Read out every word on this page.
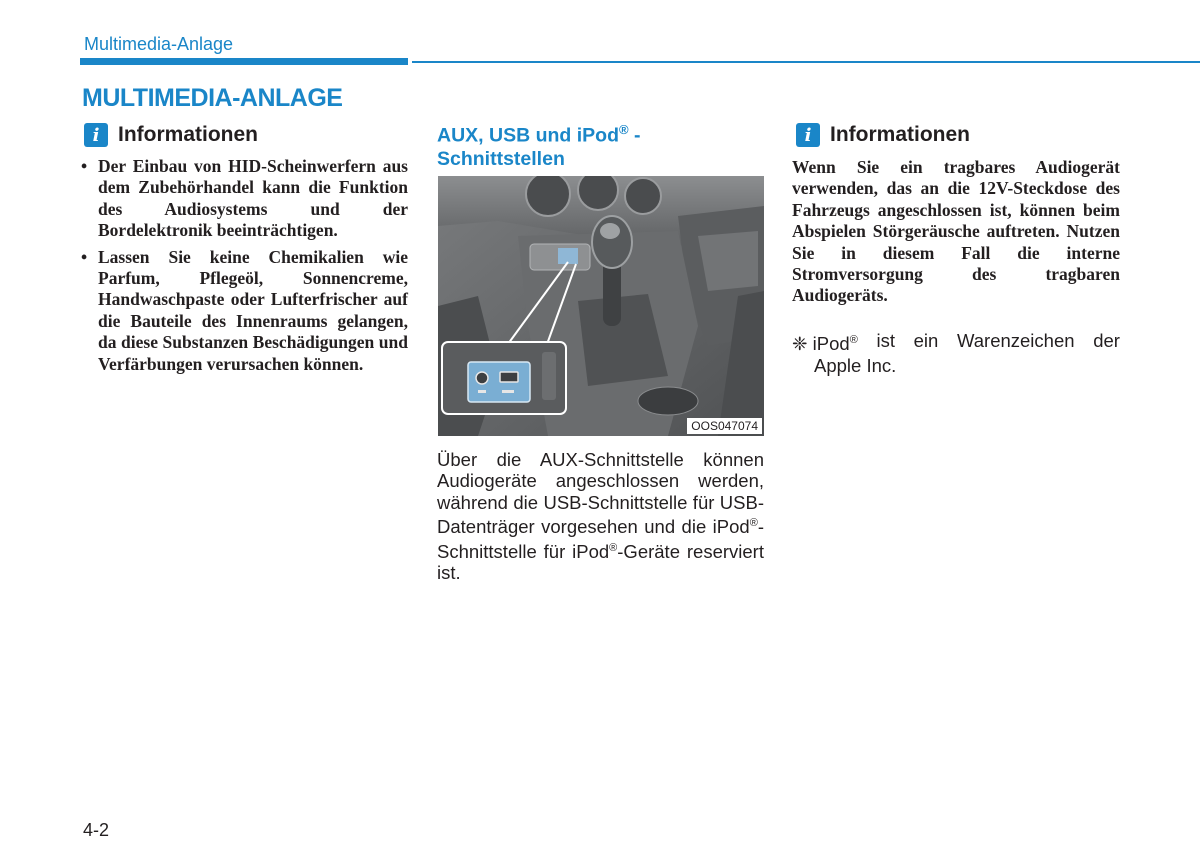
Multimedia-Anlage
MULTIMEDIA-ANLAGE
i Informationen
• Der Einbau von HID-Scheinwerfern aus dem Zubehörhandel kann die Funktion des Audiosystems und der Bordelektronik beeinträchtigen.
• Lassen Sie keine Chemikalien wie Parfum, Pflegeöl, Sonnencreme, Handwaschpaste oder Lufterfrischer auf die Bauteile des Innenraums gelangen, da diese Substanzen Beschädigungen und Verfärbungen verursachen können.
AUX, USB und iPod® - Schnittstellen
OOS047074
Über die AUX-Schnittstelle können Audiogeräte angeschlossen werden, während die USB-Schnittstelle für USB-Datenträger vorgesehen und die iPod®-Schnittstelle für iPod®-Geräte reserviert ist.
i Informationen
Wenn Sie ein tragbares Audiogerät verwenden, das an die 12V-Steckdose des Fahrzeugs angeschlossen ist, können beim Abspielen Störgeräusche auftreten. Nutzen Sie in diesem Fall die interne Stromversorgung des tragbaren Audiogeräts.
❈ iPod® ist ein Warenzeichen der
Apple Inc.
4-2
